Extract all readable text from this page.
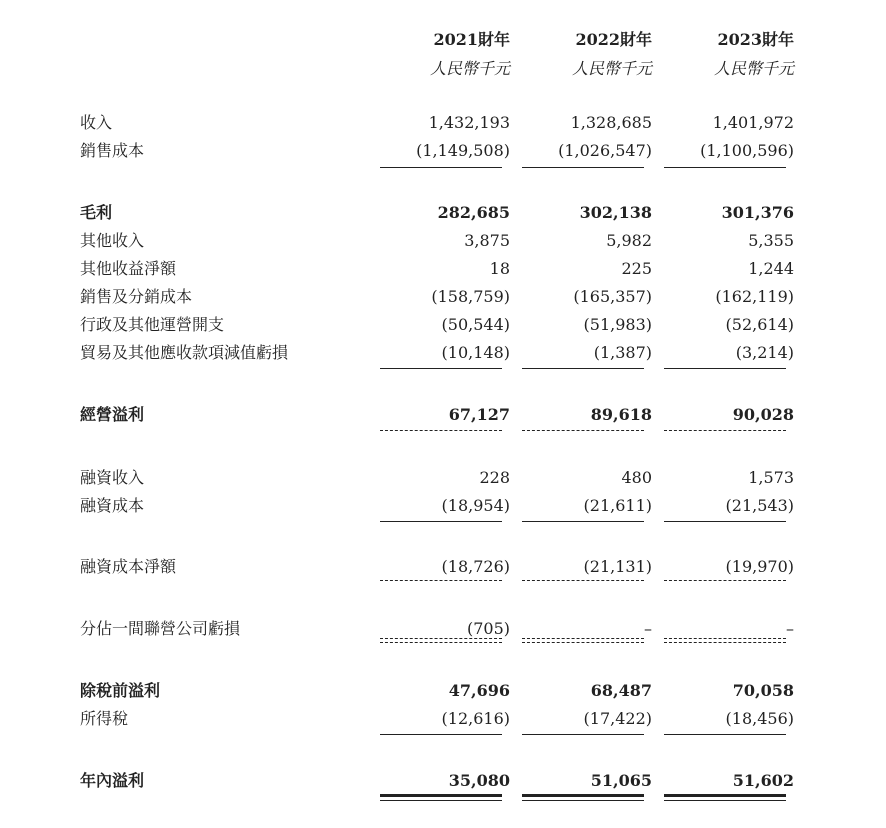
2021財年	2022財年	2023財年
人民幣千元	人民幣千元	人民幣千元
收入	1,432,193	1,328,685	1,401,972
銷售成本	(1,149,508)	(1,026,547)	(1,100,596)
毛利	282,685	302,138	301,376
其他收入	3,875	5,982	5,355
其他收益淨額	18	225	1,244
銷售及分銷成本	(158,759)	(165,357)	(162,119)
行政及其他運營開支	(50,544)	(51,983)	(52,614)
貿易及其他應收款項減值虧損	(10,148)	(1,387)	(3,214)
經營溢利	67,127	89,618	90,028
融資收入	228	480	1,573
融資成本	(18,954)	(21,611)	(21,543)
融資成本淨額	(18,726)	(21,131)	(19,970)
分佔一間聯營公司虧損	(705)	–	–
除稅前溢利	47,696	68,487	70,058
所得稅	(12,616)	(17,422)	(18,456)
年內溢利	35,080	51,065	51,602
